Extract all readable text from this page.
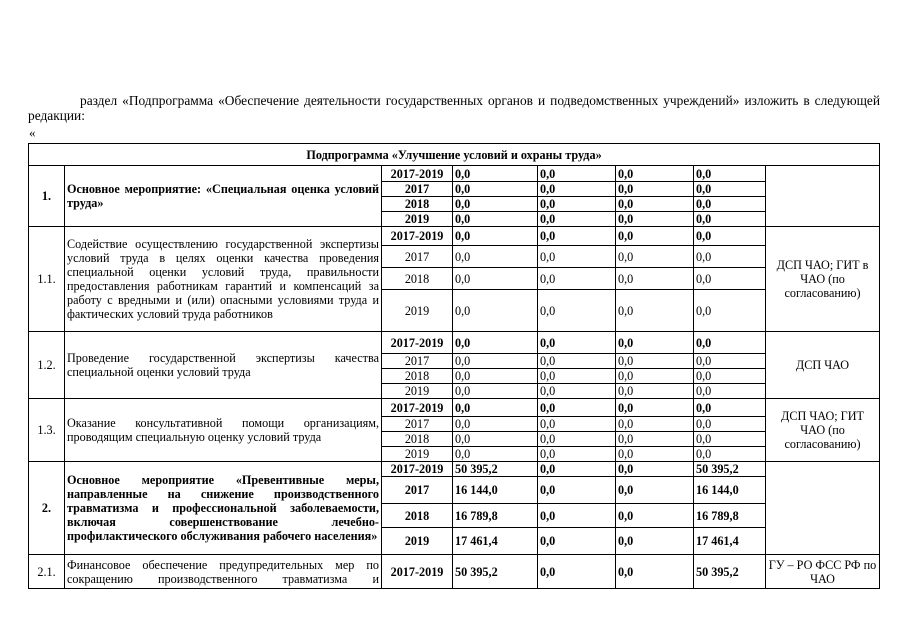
раздел «Подпрограмма «Обеспечение деятельности государственных органов и подведомственных учреждений» изложить в следующей редакции:
«
Подпрограмма «Улучшение условий и охраны труда»							
1.	Основное мероприятие: «Специальная оценка условий труда»	2017-2019	0,0	0,0	0,0	0,0	
		2017	0,0	0,0	0,0	0,0	
		2018	0,0	0,0	0,0	0,0	
		2019	0,0	0,0	0,0	0,0	
1.1.	Содействие осуществлению государственной экспертизы условий труда в целях оценки качества проведения специальной оценки условий труда, правильности предоставления работникам гарантий и компенсаций за работу с вредными и (или) опасными условиями труда и фактических условий труда работников	2017-2019	0,0	0,0	0,0	0,0	ДСП ЧАО; ГИТ в ЧАО (по согласованию)
		2017	0,0	0,0	0,0	0,0	
		2018	0,0	0,0	0,0	0,0	
		2019	0,0	0,0	0,0	0,0	
1.2.	Проведение государственной экспертизы качества специальной оценки условий труда	2017-2019	0,0	0,0	0,0	0,0	ДСП ЧАО
		2017	0,0	0,0	0,0	0,0	
		2018	0,0	0,0	0,0	0,0	
		2019	0,0	0,0	0,0	0,0	
1.3.	Оказание консультативной помощи организациям, проводящим специальную оценку условий труда	2017-2019	0,0	0,0	0,0	0,0	ДСП ЧАО; ГИТ ЧАО (по согласованию)
		2017	0,0	0,0	0,0	0,0	
		2018	0,0	0,0	0,0	0,0	
		2019	0,0	0,0	0,0	0,0	
2.	Основное мероприятие «Превентивные меры, направленные на снижение производственного травматизма и профессиональной заболеваемости, включая совершенствование лечебно-профилактического обслуживания рабочего населения»	2017-2019	50 395,2	0,0	0,0	50 395,2	
		2017	16 144,0	0,0	0,0	16 144,0	
		2018	16 789,8	0,0	0,0	16 789,8	
		2019	17 461,4	0,0	0,0	17 461,4	
2.1.	Финансовое обеспечение предупредительных мер по сокращению производственного травматизма и	2017-2019	50 395,2	0,0	0,0	50 395,2	ГУ – РО ФСС РФ по ЧАО
